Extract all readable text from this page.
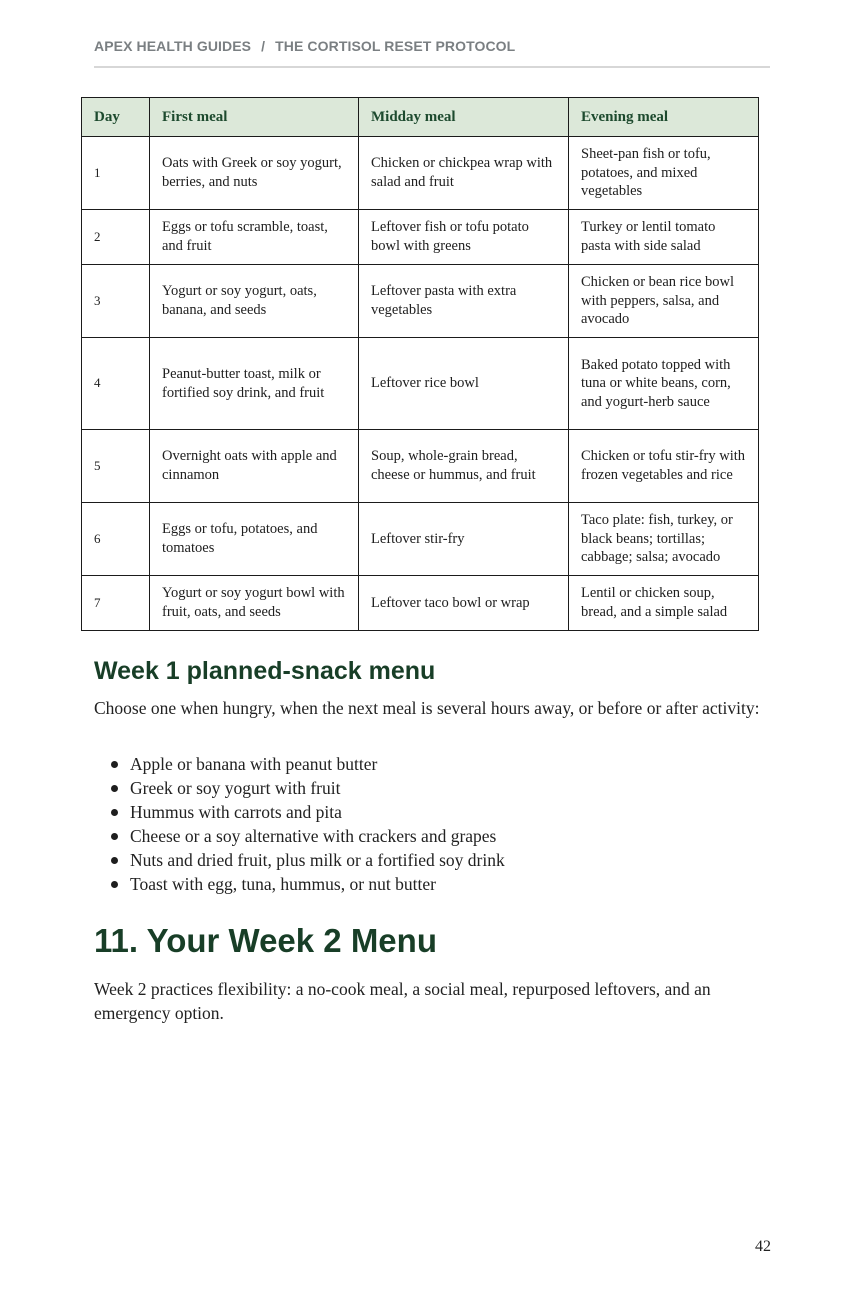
APEX HEALTH GUIDES / THE CORTISOL RESET PROTOCOL
Day	First meal	Midday meal	Evening meal
1	Oats with Greek or soy yogurt, berries, and nuts	Chicken or chickpea wrap with salad and fruit	Sheet-pan fish or tofu, potatoes, and mixed vegetables
2	Eggs or tofu scramble, toast, and fruit	Leftover fish or tofu potato bowl with greens	Turkey or lentil tomato pasta with side salad
3	Yogurt or soy yogurt, oats, banana, and seeds	Leftover pasta with extra vegetables	Chicken or bean rice bowl with peppers, salsa, and avocado
4	Peanut-butter toast, milk or fortified soy drink, and fruit	Leftover rice bowl	Baked potato topped with tuna or white beans, corn, and yogurt-herb sauce
5	Overnight oats with apple and cinnamon	Soup, whole-grain bread, cheese or hummus, and fruit	Chicken or tofu stir-fry with frozen vegetables and rice
6	Eggs or tofu, potatoes, and tomatoes	Leftover stir-fry	Taco plate: fish, turkey, or black beans; tortillas; cabbage; salsa; avocado
7	Yogurt or soy yogurt bowl with fruit, oats, and seeds	Leftover taco bowl or wrap	Lentil or chicken soup, bread, and a simple salad
Week 1 planned-snack menu

Choose one when hungry, when the next meal is several hours away, or before or after activity:

Apple or banana with peanut butter
Greek or soy yogurt with fruit
Hummus with carrots and pita
Cheese or a soy alternative with crackers and grapes
Nuts and dried fruit, plus milk or a fortified soy drink
Toast with egg, tuna, hummus, or nut butter
11. Your Week 2 Menu

Week 2 practices flexibility: a no-cook meal, a social meal, repurposed leftovers, and an emergency option.

42
